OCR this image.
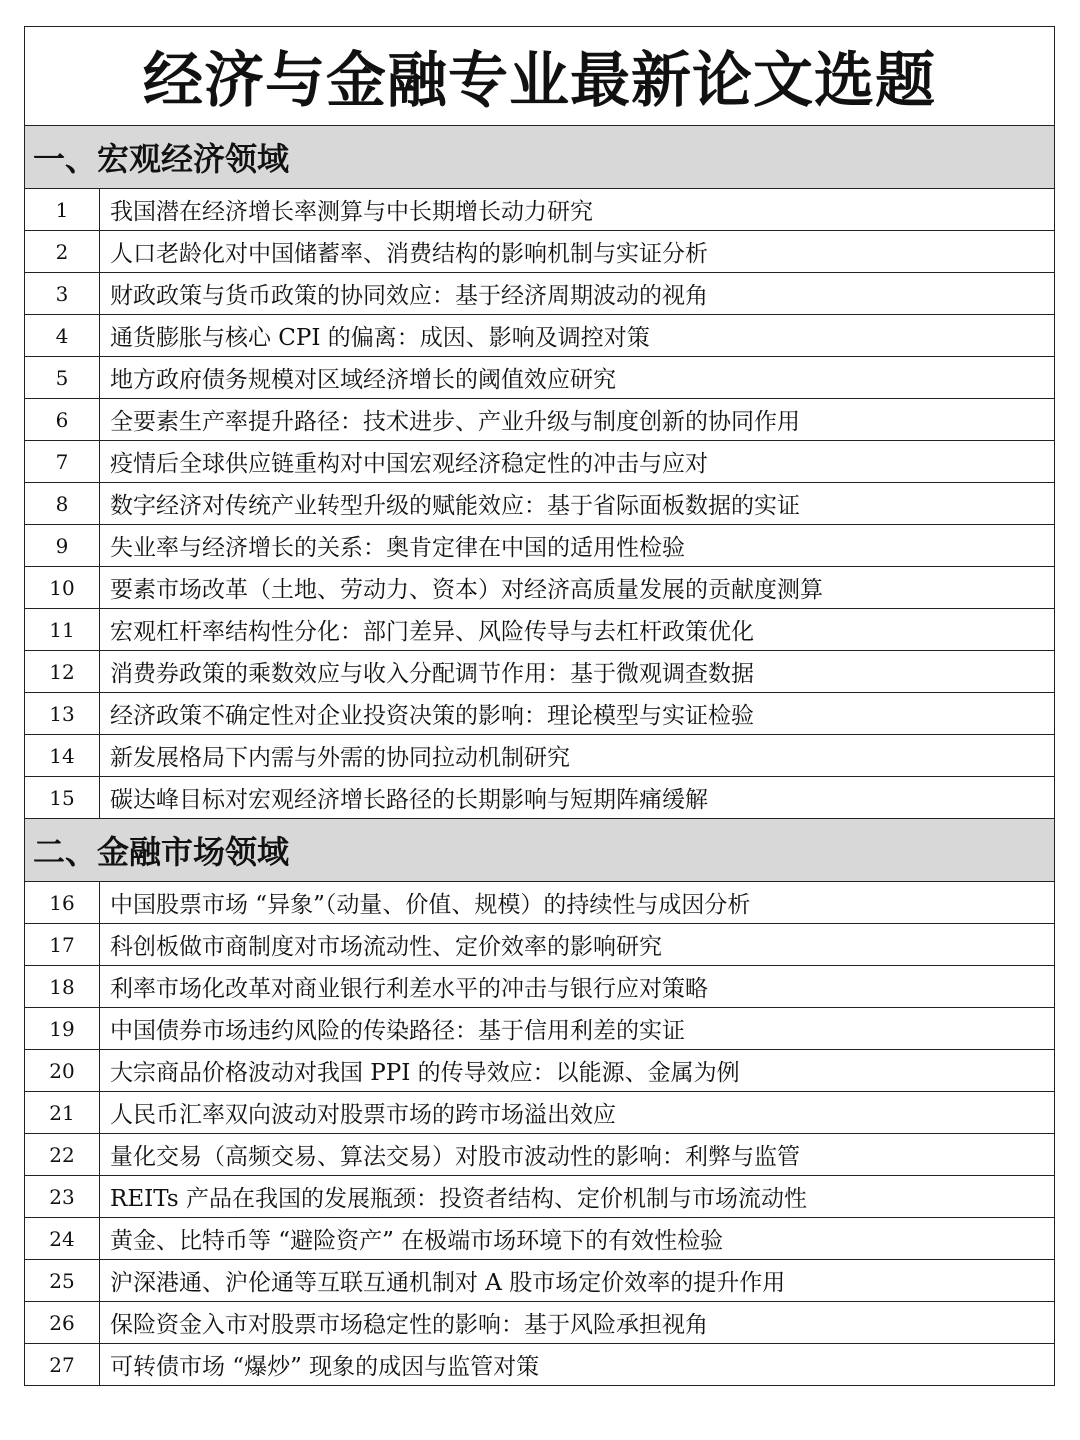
经济与金融专业最新论文选题	
一、宏观经济领域	
1	我国潜在经济增长率测算与中长期增长动力研究
2	人口老龄化对中国储蓄率、消费结构的影响机制与实证分析
3	财政政策与货币政策的协同效应：基于经济周期波动的视角
4	通货膨胀与核心 CPI 的偏离：成因、影响及调控对策
5	地方政府债务规模对区域经济增长的阈值效应研究
6	全要素生产率提升路径：技术进步、产业升级与制度创新的协同作用
7	疫情后全球供应链重构对中国宏观经济稳定性的冲击与应对
8	数字经济对传统产业转型升级的赋能效应：基于省际面板数据的实证
9	失业率与经济增长的关系：奥肯定律在中国的适用性检验
10	要素市场改革（土地、劳动力、资本）对经济高质量发展的贡献度测算
11	宏观杠杆率结构性分化：部门差异、风险传导与去杠杆政策优化
12	消费券政策的乘数效应与收入分配调节作用：基于微观调查数据
13	经济政策不确定性对企业投资决策的影响：理论模型与实证检验
14	新发展格局下内需与外需的协同拉动机制研究
15	碳达峰目标对宏观经济增长路径的长期影响与短期阵痛缓解
二、金融市场领域	
16	中国股票市场 “异象”（动量、价值、规模）的持续性与成因分析
17	科创板做市商制度对市场流动性、定价效率的影响研究
18	利率市场化改革对商业银行利差水平的冲击与银行应对策略
19	中国债券市场违约风险的传染路径：基于信用利差的实证
20	大宗商品价格波动对我国 PPI 的传导效应：以能源、金属为例
21	人民币汇率双向波动对股票市场的跨市场溢出效应
22	量化交易（高频交易、算法交易）对股市波动性的影响：利弊与监管
23	REITs 产品在我国的发展瓶颈：投资者结构、定价机制与市场流动性
24	黄金、比特币等 “避险资产” 在极端市场环境下的有效性检验
25	沪深港通、沪伦通等互联互通机制对 A 股市场定价效率的提升作用
26	保险资金入市对股票市场稳定性的影响：基于风险承担视角
27	可转债市场 “爆炒” 现象的成因与监管对策
